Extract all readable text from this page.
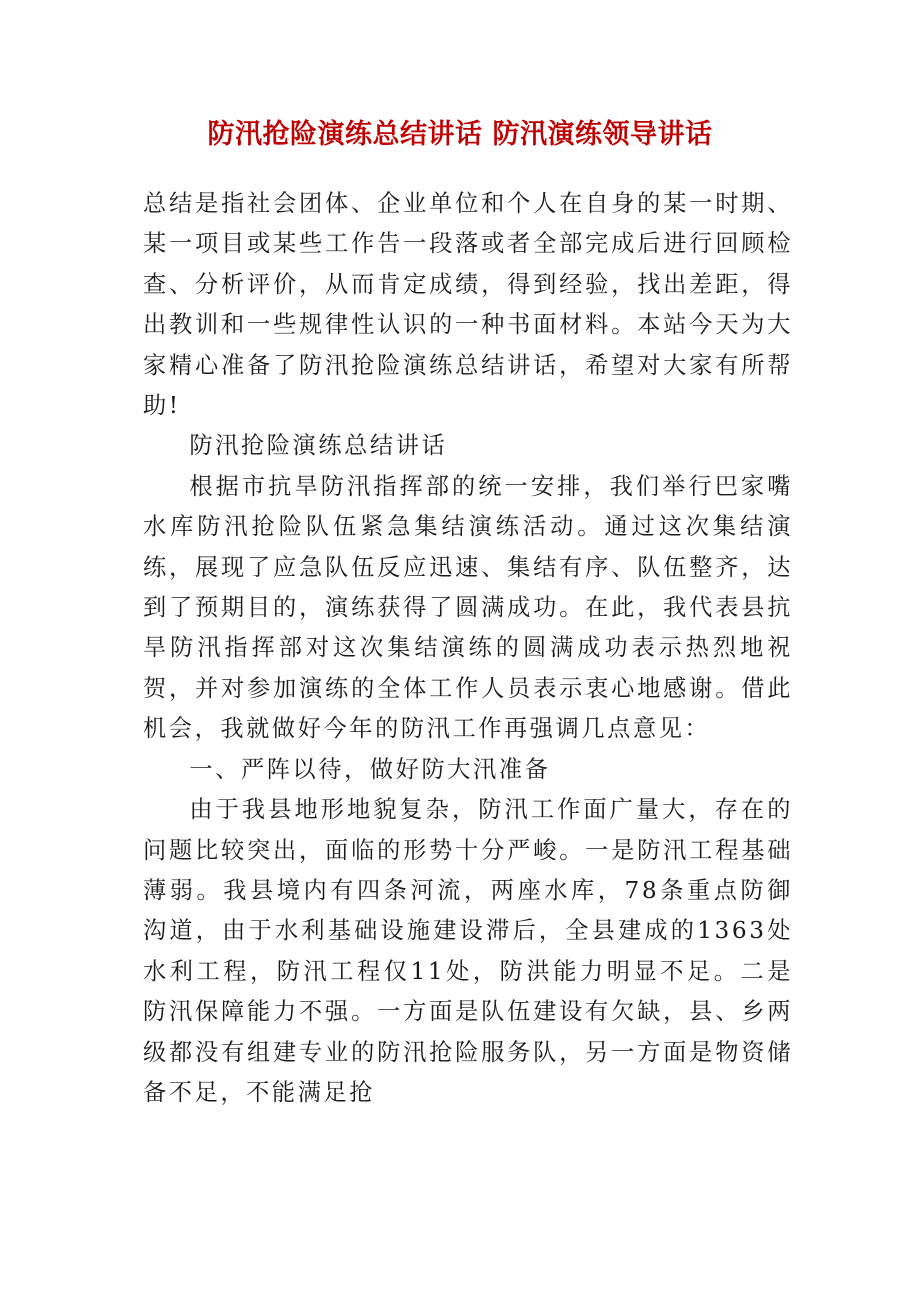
防汛抢险演练总结讲话 防汛演练领导讲话

总结是指社会团体、企业单位和个人在自身的某一时期、某一项目或某些工作告一段落或者全部完成后进行回顾检查、分析评价，从而肯定成绩，得到经验，找出差距，得出教训和一些规律性认识的一种书面材料。本站今天为大家精心准备了防汛抢险演练总结讲话，希望对大家有所帮助!

防汛抢险演练总结讲话

根据市抗旱防汛指挥部的统一安排，我们举行巴家嘴水库防汛抢险队伍紧急集结演练活动。通过这次集结演练，展现了应急队伍反应迅速、集结有序、队伍整齐，达到了预期目的，演练获得了圆满成功。在此，我代表县抗旱防汛指挥部对这次集结演练的圆满成功表示热烈地祝贺，并对参加演练的全体工作人员表示衷心地感谢。借此机会，我就做好今年的防汛工作再强调几点意见：

一、严阵以待，做好防大汛准备

由于我县地形地貌复杂，防汛工作面广量大，存在的问题比较突出，面临的形势十分严峻。一是防汛工程基础薄弱。我县境内有四条河流，两座水库，78条重点防御沟道，由于水利基础设施建设滞后，全县建成的1363处水利工程，防汛工程仅11处，防洪能力明显不足。二是防汛保障能力不强。一方面是队伍建设有欠缺，县、乡两级都没有组建专业的防汛抢险服务队，另一方面是物资储备不足，不能满足抢
